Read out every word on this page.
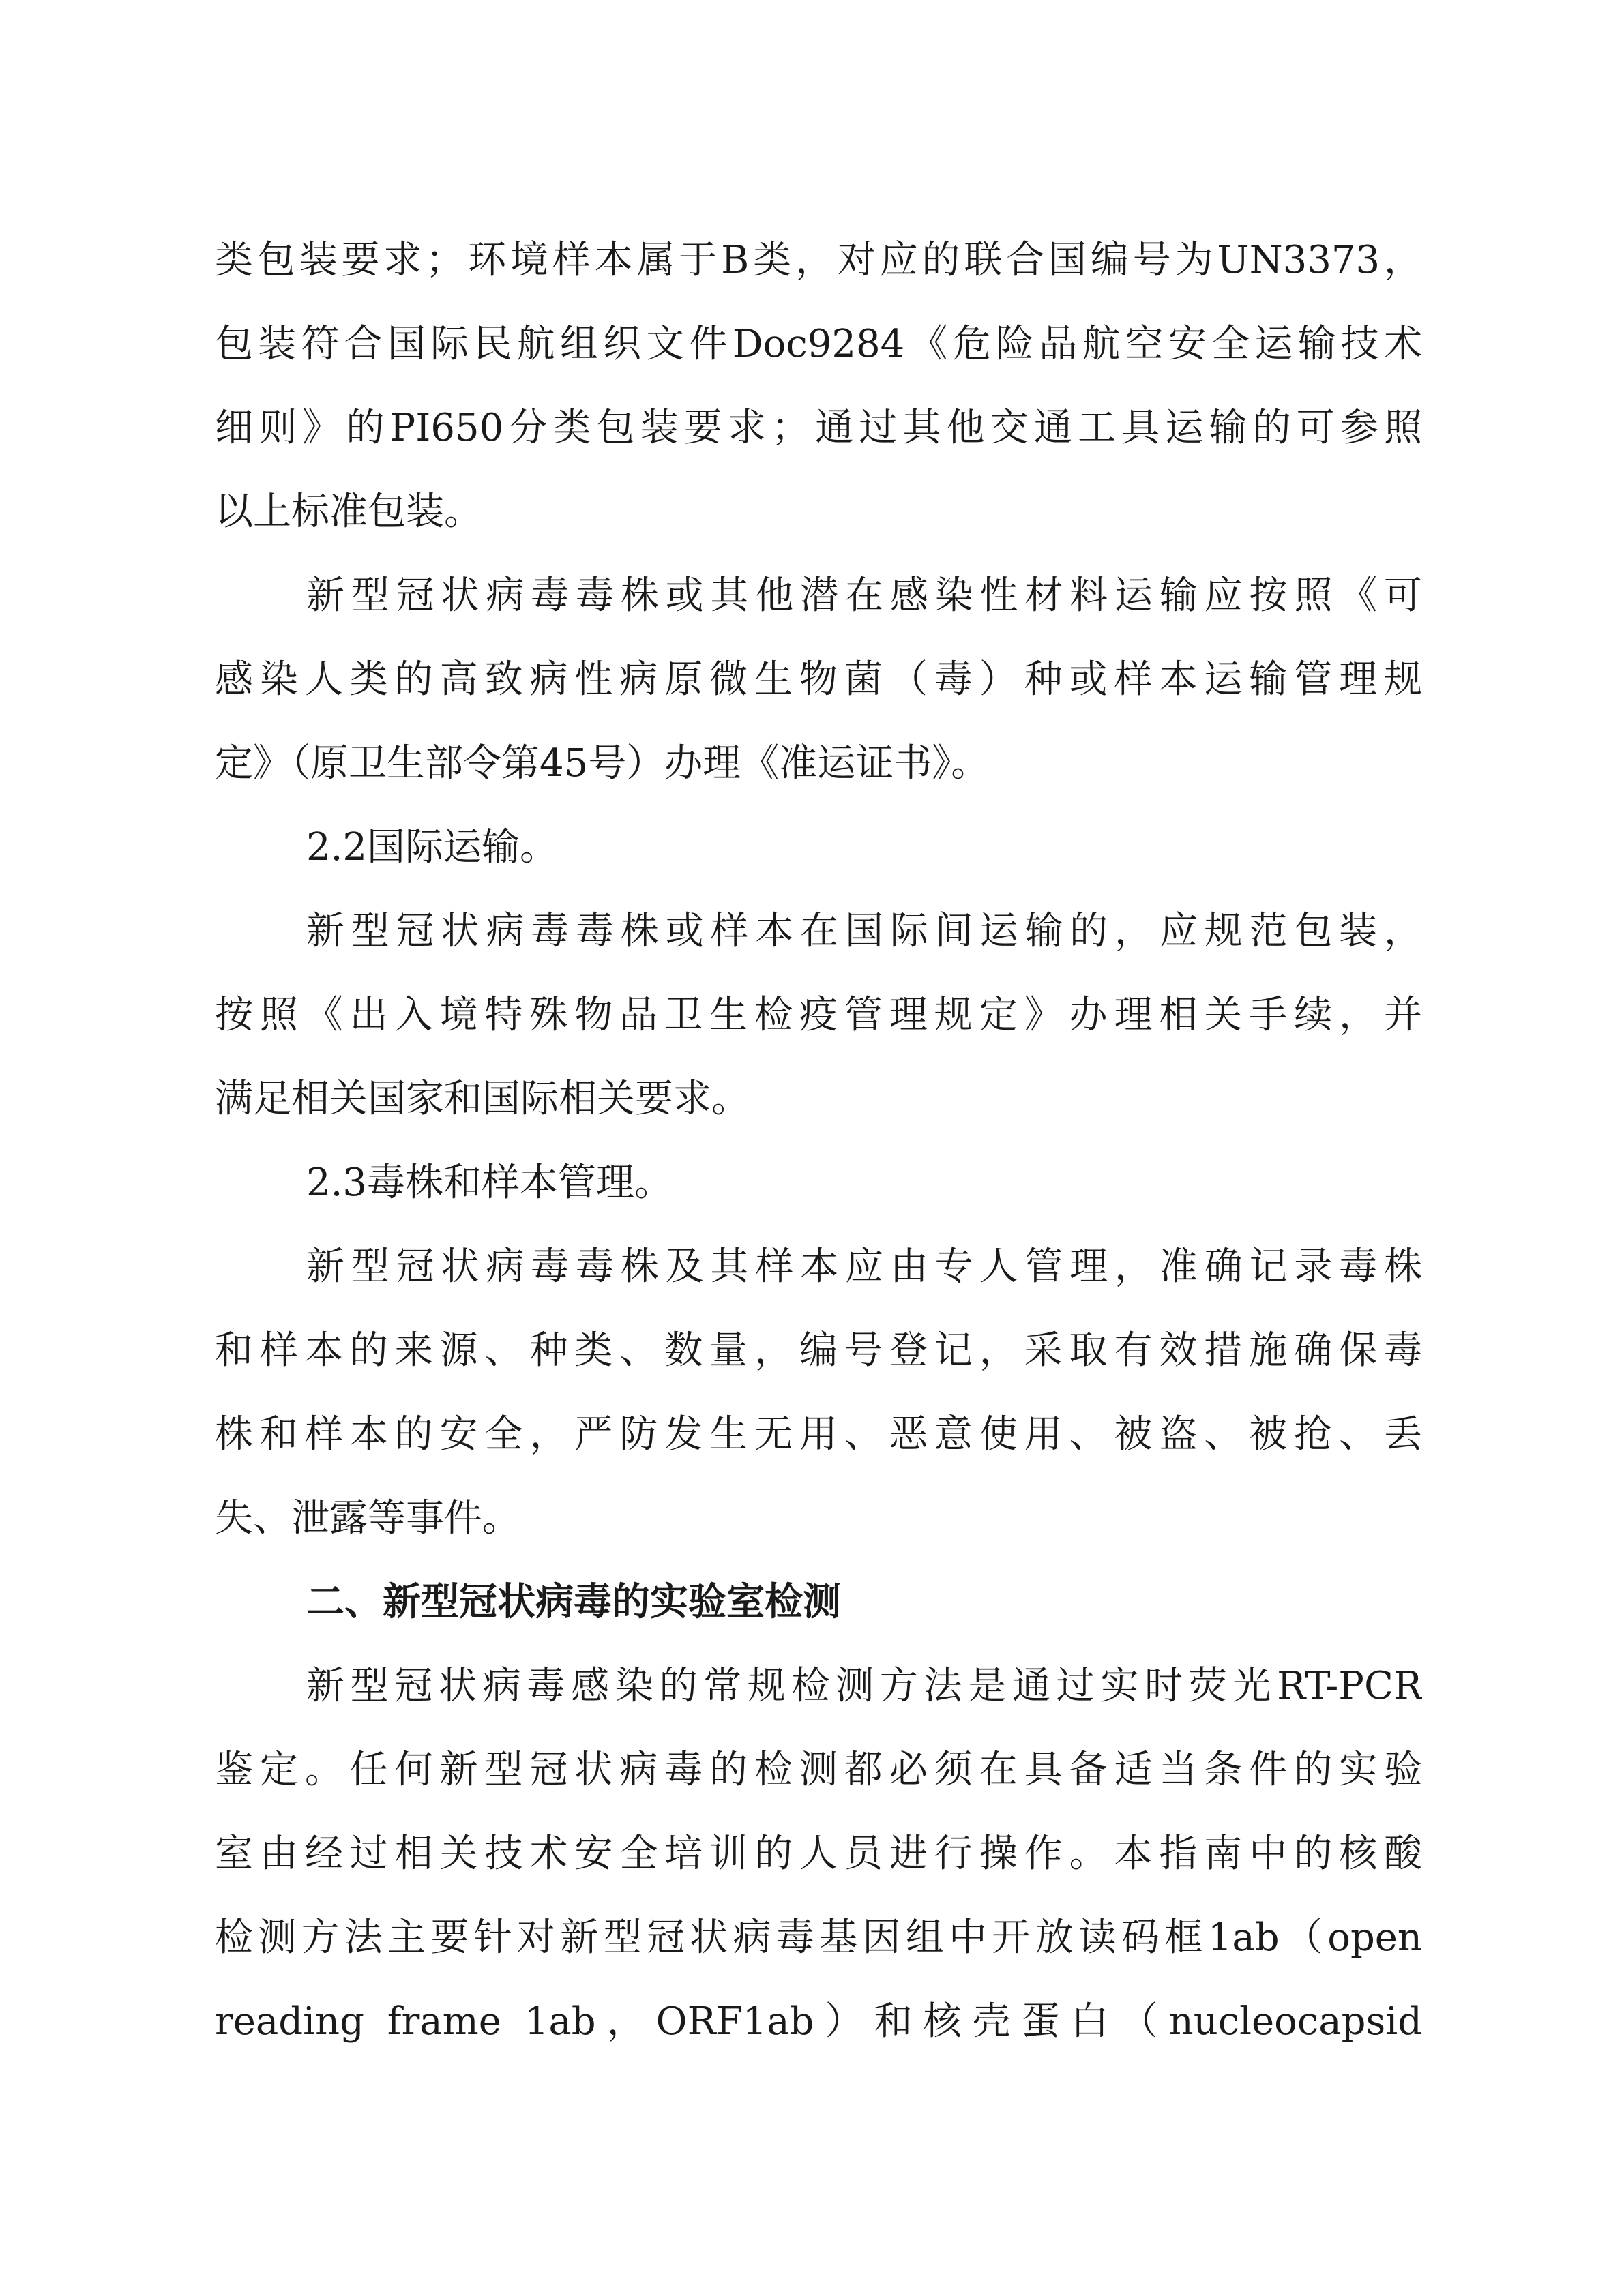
类包装要求；环境样本属于B类，对应的联合国编号为UN3373，
包装符合国际民航组织文件Doc9284《危险品航空安全运输技术
细则》的PI650分类包装要求；通过其他交通工具运输的可参照
以上标准包装。
新型冠状病毒毒株或其他潜在感染性材料运输应按照《可
感染人类的高致病性病原微生物菌（毒）种或样本运输管理规
定》（原卫生部令第45号）办理《准运证书》。
2.2国际运输。
新型冠状病毒毒株或样本在国际间运输的，应规范包装，
按照《出入境特殊物品卫生检疫管理规定》办理相关手续，并
满足相关国家和国际相关要求。
2.3毒株和样本管理。
新型冠状病毒毒株及其样本应由专人管理，准确记录毒株
和样本的来源、种类、数量，编号登记，采取有效措施确保毒
株和样本的安全，严防发生无用、恶意使用、被盗、被抢、丢
失、泄露等事件。
二、新型冠状病毒的实验室检测
新型冠状病毒感染的常规检测方法是通过实时荧光RT-PCR
鉴定。任何新型冠状病毒的检测都必须在具备适当条件的实验
室由经过相关技术安全培训的人员进行操作。本指南中的核酸
检测方法主要针对新型冠状病毒基因组中开放读码框1ab（open
reading frame 1ab，ORF1ab）和核壳蛋白（nucleocapsid
